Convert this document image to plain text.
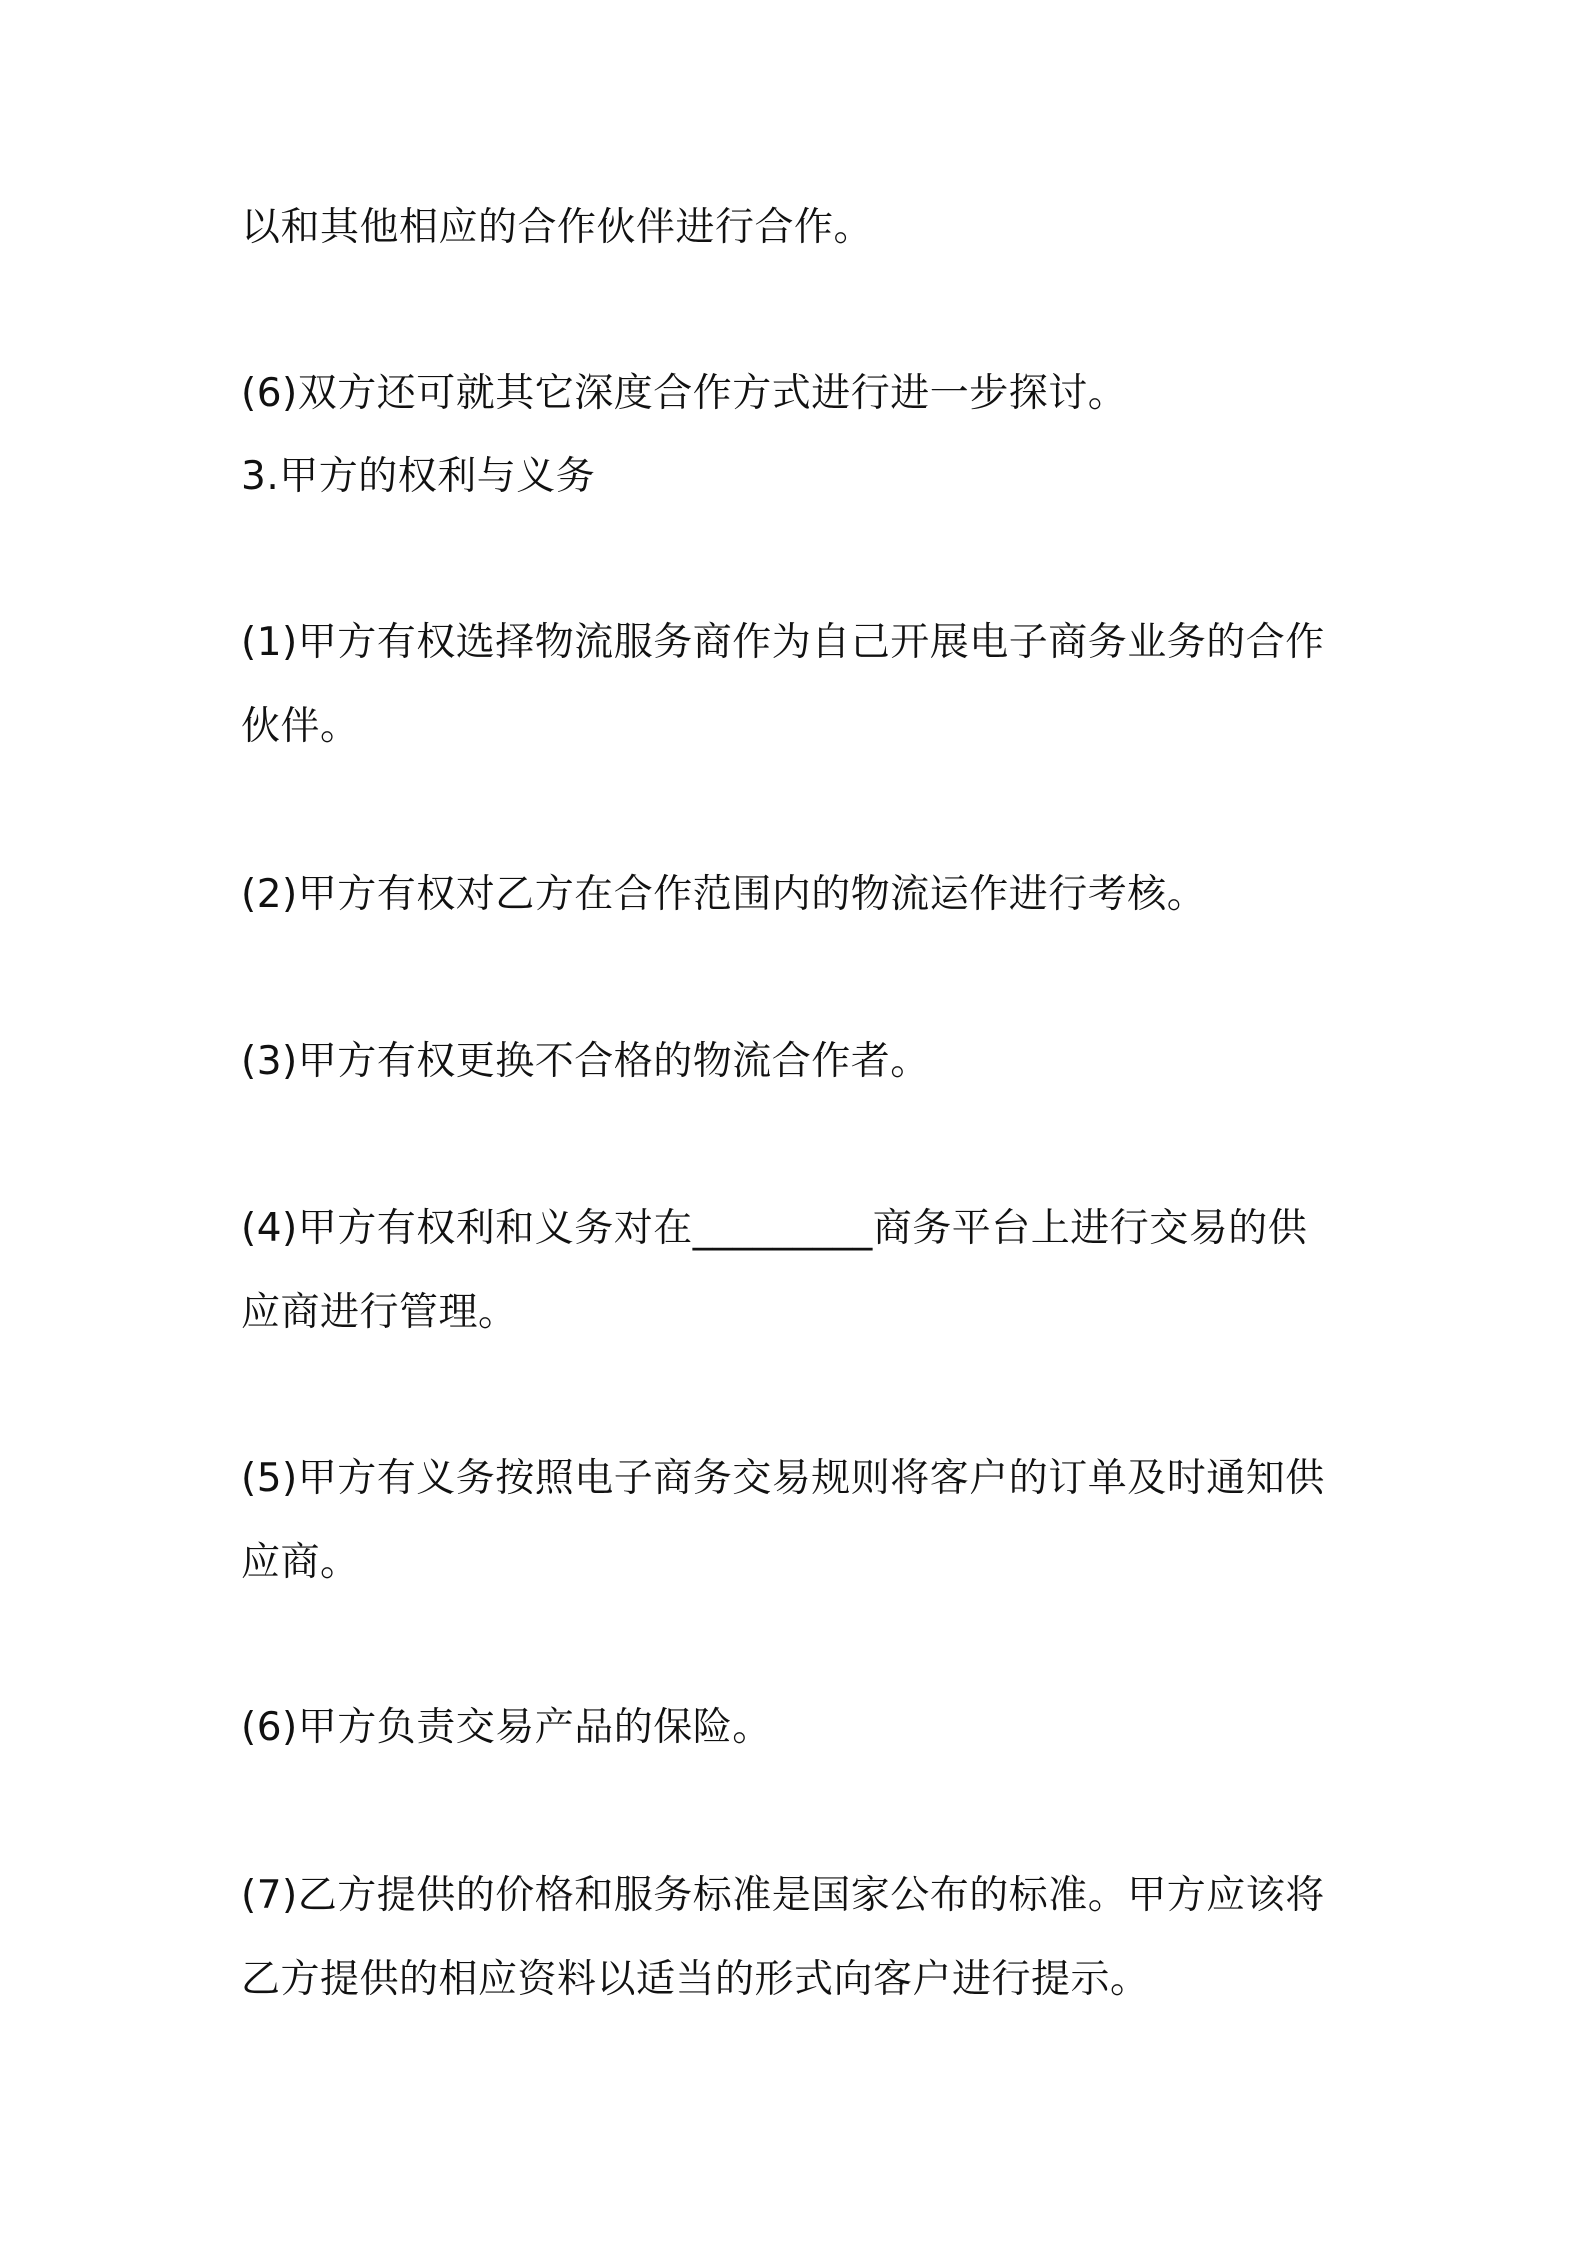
以和其他相应的合作伙伴进行合作。
(6)双方还可就其它深度合作方式进行进一步探讨。
3.甲方的权利与义务
(1)甲方有权选择物流服务商作为自己开展电子商务业务的合作
伙伴。
(2)甲方有权对乙方在合作范围内的物流运作进行考核。
(3)甲方有权更换不合格的物流合作者。
(4)甲方有权利和义务对在_________商务平台上进行交易的供
应商进行管理。
(5)甲方有义务按照电子商务交易规则将客户的订单及时通知供
应商。
(6)甲方负责交易产品的保险。
(7)乙方提供的价格和服务标准是国家公布的标准。甲方应该将
乙方提供的相应资料以适当的形式向客户进行提示。
